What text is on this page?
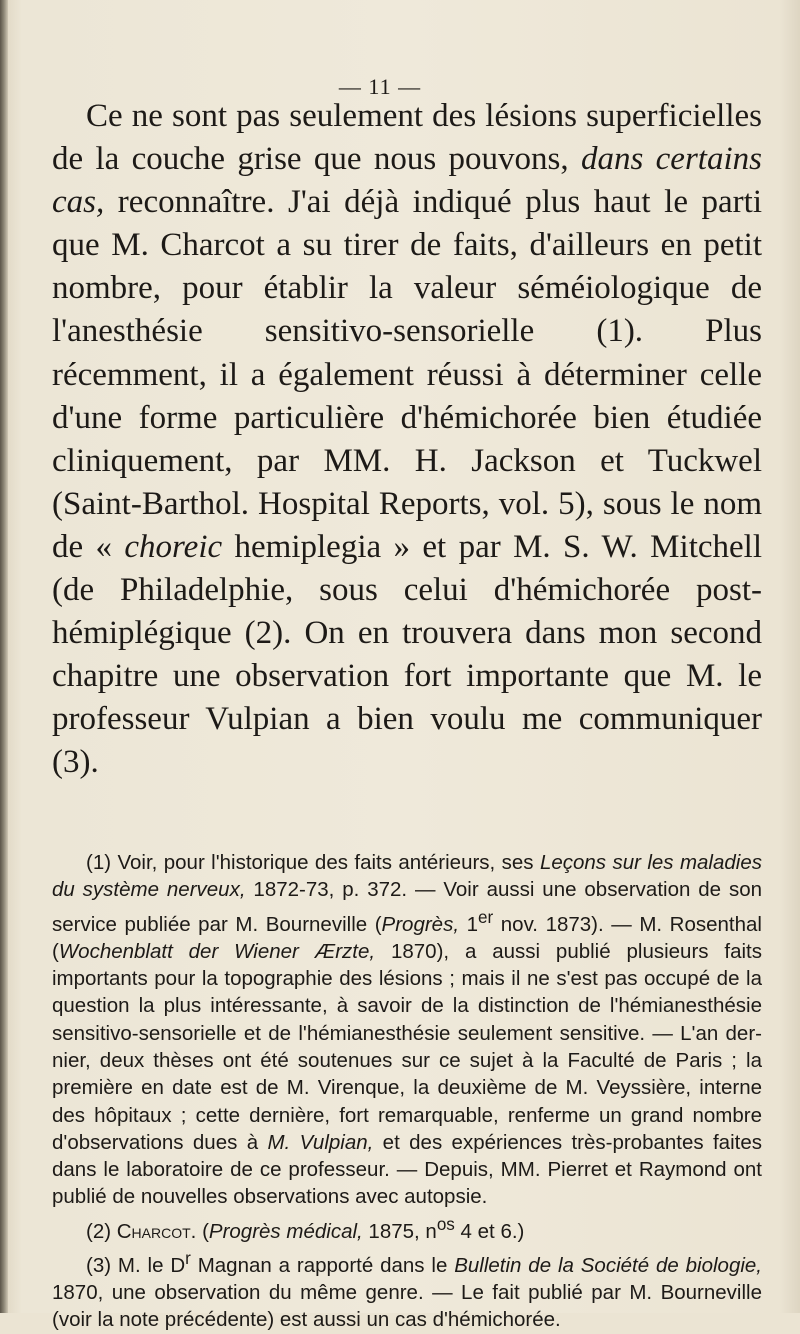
— 11 —

Ce ne sont pas seulement des lésions superficielles de la couche grise que nous pouvons, dans certains cas, reconnaître. J'ai déjà indiqué plus haut le parti que M. Charcot a su tirer de faits, d'ailleurs en petit nombre, pour établir la valeur séméiologique de l'anesthésie sensitivo-sensorielle (1). Plus récemment, il a également réussi à déterminer celle d'une forme particulière d'hémichorée bien étudiée cliniquement, par MM. H. Jackson et Tuckwel (Saint-Barthol. Hospital Reports, vol. 5), sous le nom de « choreic hemiplegia » et par M. S. W. Mitchell (de Philadelphie, sous celui d'hémichorée post-hémiplégique (2). On en trouvera dans mon second chapitre une observation fort importante que M. le professeur Vulpian a bien voulu me communiquer (3).

(1) Voir, pour l'historique des faits antérieurs, ses Leçons sur les maladies du système nerveux, 1872-73, p. 372. — Voir aussi une observation de son service publiée par M. Bourneville (Progrès, 1er nov. 1873). — M. Rosenthal (Wochenblatt der Wiener Ærzte, 1870), a aussi publié plusieurs faits importants pour la topographie des lésions ; mais il ne s'est pas occupé de la question la plus intéressante, à savoir de la distinction de l'hémianesthésie sensitivo-sensorielle et de l'hémianesthésie seulement sensitive. — L'an dernier, deux thèses ont été soutenues sur ce sujet à la Faculté de Paris ; la première en date est de M. Virenque, la deuxième de M. Veyssière, interne des hôpitaux ; cette dernière, fort remarquable, renferme un grand nombre d'observations dues à M. Vulpian, et des expériences très-probantes faites dans le laboratoire de ce professeur. — Depuis, MM. Pierret et Raymond ont publié de nouvelles observations avec autopsie.

(2) Charcot. (Progrès médical, 1875, $n^{os}$ 4 et 6.)

(3) M. le $D^r$ Magnan a rapporté dans le Bulletin de la Société de biologie, 1870, une observation du même genre. — Le fait publié par M. Bourneville (voir la note précédente) est aussi un cas d'hémichorée.
